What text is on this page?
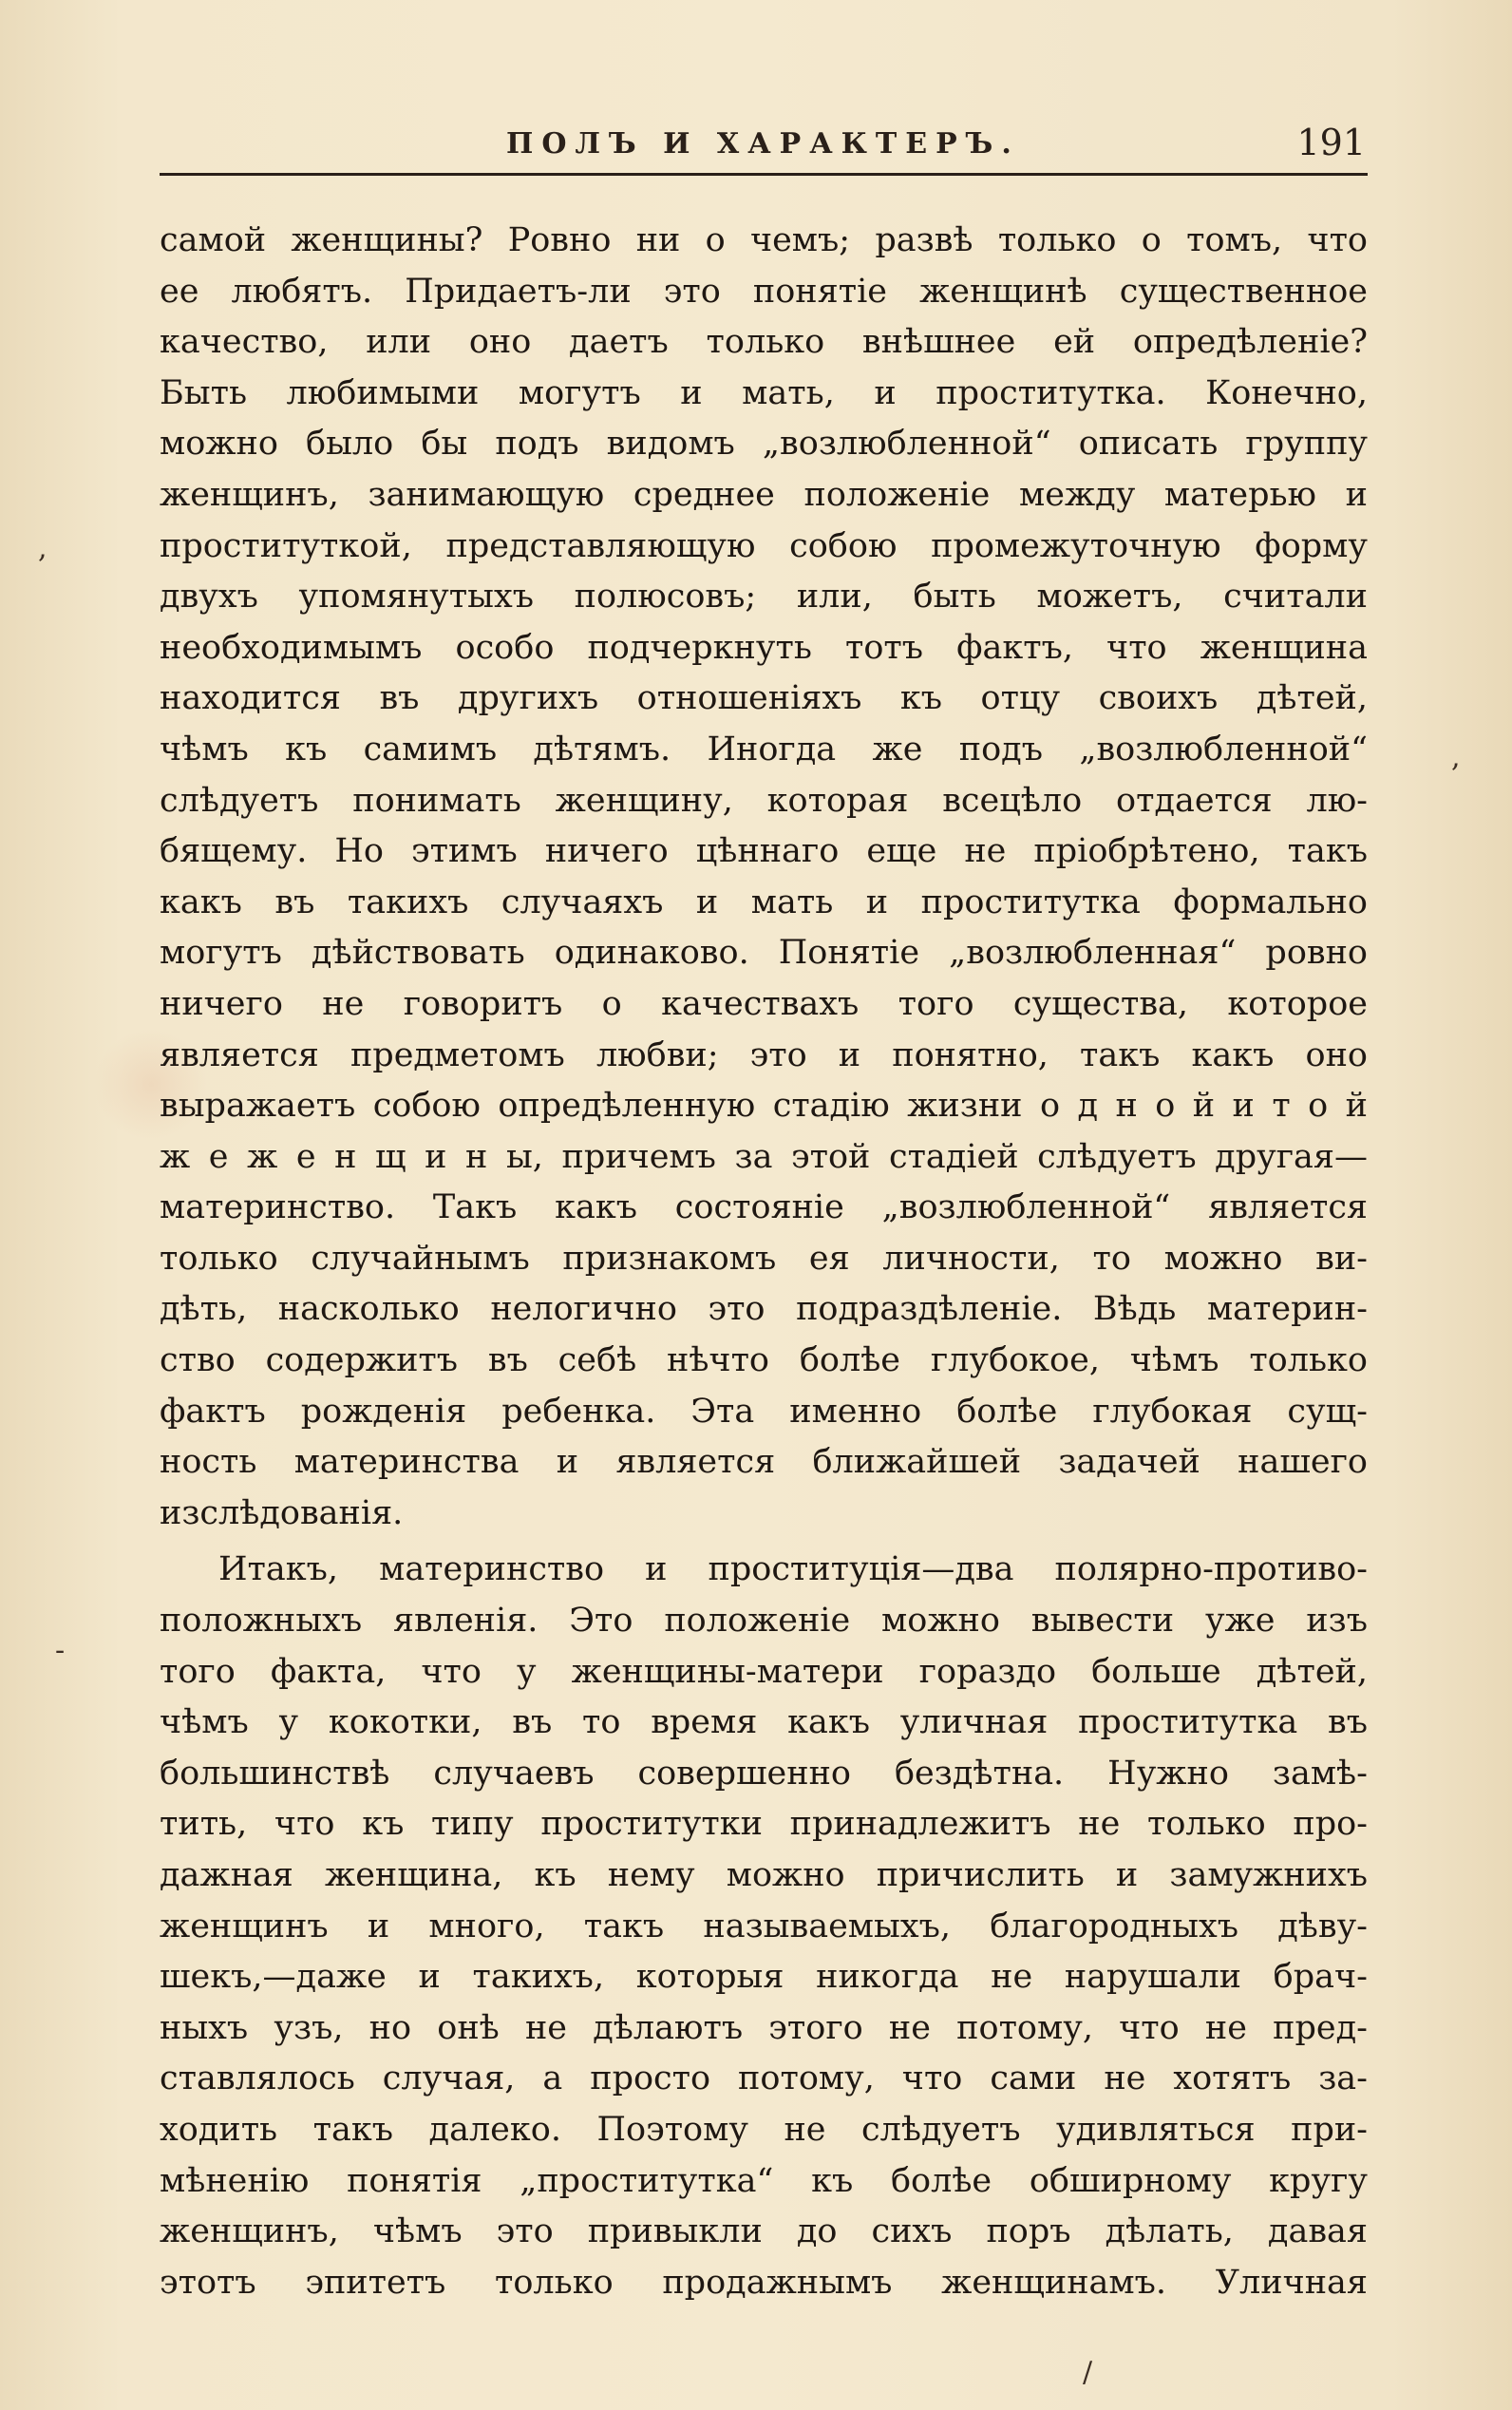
ПОЛЪ И ХАРАКТЕРЪ.	191
самой женщины? Ровно ни о чемъ; развѣ только о томъ, что
ее любятъ. Придаетъ-ли это понятіе женщинѣ существенное
качество, или оно даетъ только внѣшнее ей опредѣленіе?
Быть любимыми могутъ и мать, и проститутка. Конечно,
можно было бы подъ видомъ „возлюбленной“ описать группу
женщинъ, занимающую среднее положеніе между матерью и
проституткой, представляющую собою промежуточную форму
двухъ упомянутыхъ полюсовъ; или, быть можетъ, считали
необходимымъ особо подчеркнуть тотъ фактъ, что женщина
находится въ другихъ отношеніяхъ къ отцу своихъ дѣтей,
чѣмъ къ самимъ дѣтямъ. Иногда же подъ „возлюбленной“
слѣдуетъ понимать женщину, которая всецѣло отдается лю-
бящему. Но этимъ ничего цѣннаго еще не пріобрѣтено, такъ
какъ въ такихъ случаяхъ и мать и проститутка формально
могутъ дѣйствовать одинаково. Понятіе „возлюбленная“ ровно
ничего не говоритъ о качествахъ того существа, которое
является предметомъ любви; это и понятно, такъ какъ оно
выражаетъ собою опредѣленную стадію жизни о д н о й и т о й
ж е ж е н щ и н ы, причемъ за этой стадіей слѣдуетъ другая—
материнство. Такъ какъ состояніе „возлюбленной“ является
только случайнымъ признакомъ ея личности, то можно ви-
дѣть, насколько нелогично это подраздѣленіе. Вѣдь материн-
ство содержитъ въ себѣ нѣчто болѣе глубокое, чѣмъ только
фактъ рожденія ребенка. Эта именно болѣе глубокая сущ-
ность материнства и является ближайшей задачей нашего
изслѣдованія.
Итакъ, материнство и проституція—два полярно-противо-
положныхъ явленія. Это положеніе можно вывести уже изъ
того факта, что у женщины-матери гораздо больше дѣтей,
чѣмъ у кокотки, въ то время какъ уличная проститутка въ
большинствѣ случаевъ совершенно бездѣтна. Нужно замѣ-
тить, что къ типу проститутки принадлежитъ не только про-
дажная женщина, къ нему можно причислить и замужнихъ
женщинъ и много, такъ называемыхъ, благородныхъ дѣву-
шекъ,—даже и такихъ, которыя никогда не нарушали брач-
ныхъ узъ, но онѣ не дѣлаютъ этого не потому, что не пред-
ставлялось случая, а просто потому, что сами не хотятъ за-
ходить такъ далеко. Поэтому не слѣдуетъ удивляться при-
мѣненію понятія „проститутка“ къ болѣе обширному кругу
женщинъ, чѣмъ это привыкли до сихъ поръ дѣлать, давая
этотъ эпитетъ только продажнымъ женщинамъ. Уличная
,
,
-
/
